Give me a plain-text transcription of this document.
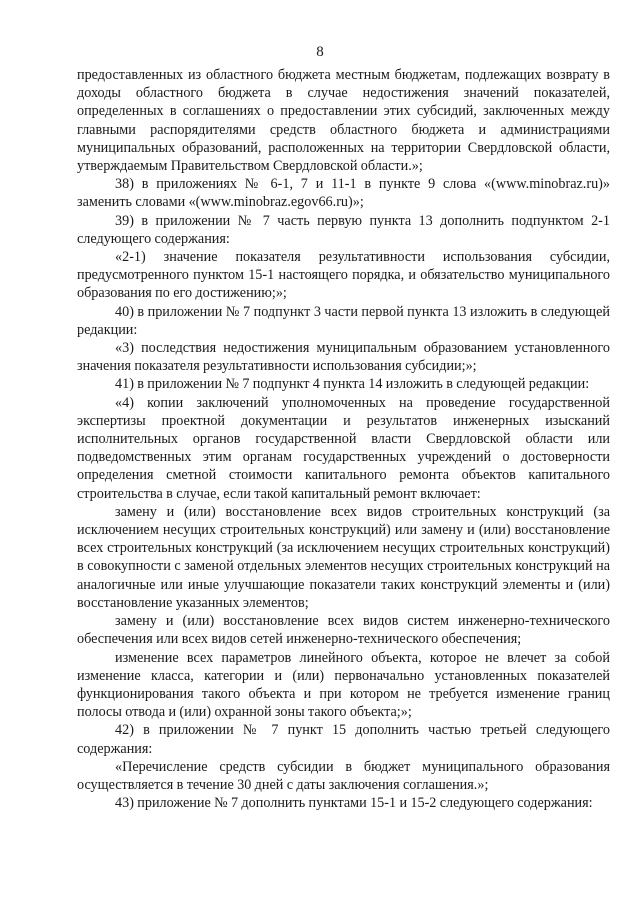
8

предоставленных из областного бюджета местным бюджетам, подлежащих возврату в доходы областного бюджета в случае недостижения значений показателей, определенных в соглашениях о предоставлении этих субсидий, заключенных между главными распорядителями средств областного бюджета и администрациями муниципальных образований, расположенных на территории Свердловской области, утверждаемым Правительством Свердловской области.»;

38) в приложениях № 6-1, 7 и 11-1 в пункте 9 слова «(www.minobraz.ru)» заменить словами «(www.minobraz.egov66.ru)»;

39) в приложении № 7 часть первую пункта 13 дополнить подпунктом 2-1 следующего содержания:

«2-1) значение показателя результативности использования субсидии, предусмотренного пунктом 15-1 настоящего порядка, и обязательство муниципального образования по его достижению;»;

40) в приложении № 7 подпункт 3 части первой пункта 13 изложить в следующей редакции:

«3) последствия недостижения муниципальным образованием установленного значения показателя результативности использования субсидии;»;

41) в приложении № 7 подпункт 4 пункта 14 изложить в следующей редакции:

«4) копии заключений уполномоченных на проведение государственной экспертизы проектной документации и результатов инженерных изысканий исполнительных органов государственной власти Свердловской области или подведомственных этим органам государственных учреждений о достоверности определения сметной стоимости капитального ремонта объектов капитального строительства в случае, если такой капитальный ремонт включает:

замену и (или) восстановление всех видов строительных конструкций (за исключением несущих строительных конструкций) или замену и (или) восстановление всех строительных конструкций (за исключением несущих строительных конструкций) в совокупности с заменой отдельных элементов несущих строительных конструкций на аналогичные или иные улучшающие показатели таких конструкций элементы и (или) восстановление указанных элементов;

замену и (или) восстановление всех видов систем инженерно-технического обеспечения или всех видов сетей инженерно-технического обеспечения;

изменение всех параметров линейного объекта, которое не влечет за собой изменение класса, категории и (или) первоначально установленных показателей функционирования такого объекта и при котором не требуется изменение границ полосы отвода и (или) охранной зоны такого объекта;»;

42) в приложении № 7 пункт 15 дополнить частью третьей следующего содержания:

«Перечисление средств субсидии в бюджет муниципального образования осуществляется в течение 30 дней с даты заключения соглашения.»;

43) приложение № 7 дополнить пунктами 15-1 и 15-2 следующего содержания:
